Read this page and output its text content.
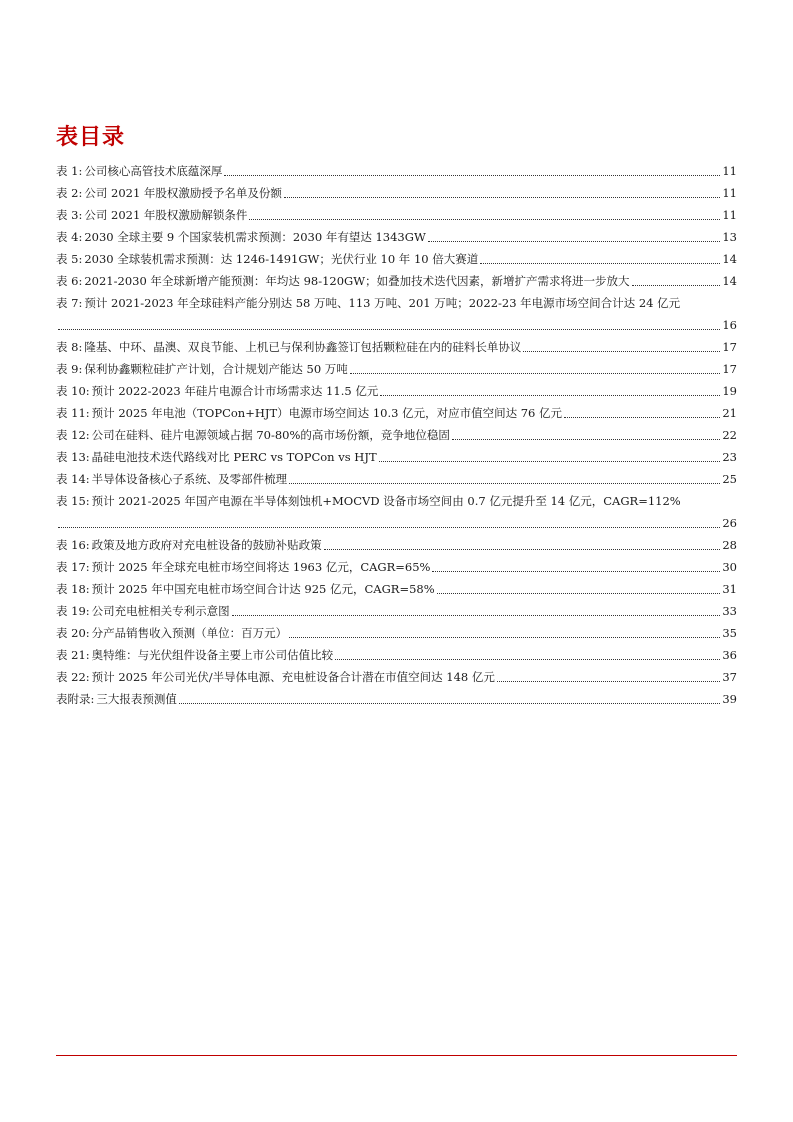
表目录
表 1: 公司核心高管技术底蕴深厚	11
表 2: 公司 2021 年股权激励授予名单及份额	11
表 3: 公司 2021 年股权激励解锁条件	11
表 4: 2030 全球主要 9 个国家装机需求预测：2030 年有望达 1343GW	13
表 5: 2030 全球装机需求预测：达 1246-1491GW；光伏行业 10 年 10 倍大赛道	14
表 6: 2021-2030 年全球新增产能预测：年均达 98-120GW；如叠加技术迭代因素，新增扩产需求将进一步放大	14
表 7: 预计 2021-2023 年全球硅料产能分别达 58 万吨、113 万吨、201 万吨；2022-23 年电源市场空间合计达 24 亿元
16
表 8: 隆基、中环、晶澳、双良节能、上机已与保利协鑫签订包括颗粒硅在内的硅料长单协议	17
表 9: 保利协鑫颗粒硅扩产计划，合计规划产能达 50 万吨	17
表 10: 预计 2022-2023 年硅片电源合计市场需求达 11.5 亿元	19
表 11: 预计 2025 年电池（TOPCon+HJT）电源市场空间达 10.3 亿元，对应市值空间达 76 亿元	21
表 12: 公司在硅料、硅片电源领域占据 70-80%的高市场份额，竞争地位稳固	22
表 13: 晶硅电池技术迭代路线对比 PERC vs TOPCon vs HJT	23
表 14: 半导体设备核心子系统、及零部件梳理	25
表 15: 预计 2021-2025 年国产电源在半导体刻蚀机+MOCVD 设备市场空间由 0.7 亿元提升至 14 亿元，CAGR=112%
26
表 16: 政策及地方政府对充电桩设备的鼓励补贴政策	28
表 17: 预计 2025 年全球充电桩市场空间将达 1963 亿元，CAGR=65%	30
表 18: 预计 2025 年中国充电桩市场空间合计达 925 亿元，CAGR=58%	31
表 19: 公司充电桩相关专利示意图	33
表 20: 分产品销售收入预测（单位：百万元）	35
表 21: 奥特维：与光伏组件设备主要上市公司估值比较	36
表 22: 预计 2025 年公司光伏/半导体电源、充电桩设备合计潜在市值空间达 148 亿元	37
表附录: 三大报表预测值	39
